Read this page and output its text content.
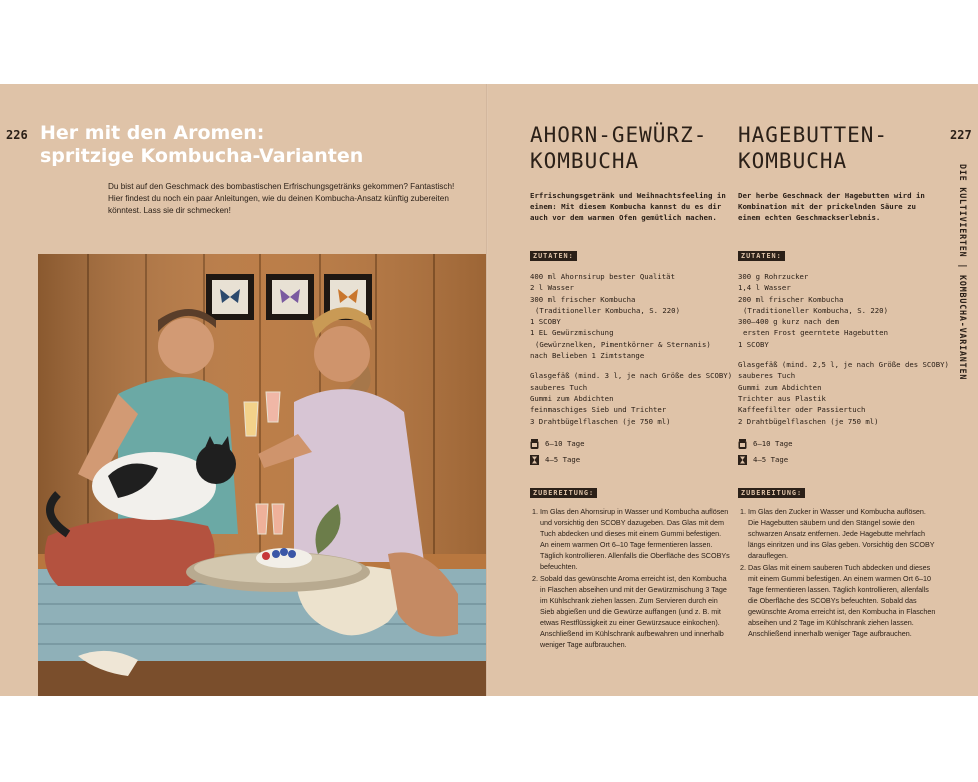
226 Her mit den Aromen:
spritzige Kombucha-Varianten
Du bist auf den Geschmack des bombastischen Erfrischungsgetränks gekommen? Fantastisch! Hier findest du noch ein paar Anleitungen, wie du deinen Kombucha-Ansatz künftig zubereiten könntest. Lass sie dir schmecken!
227
AHORN-GEWÜRZ-
KOMBUCHA
HAGEBUTTEN-
KOMBUCHA

Erfrischungsgetränk und Weihnachtsfeeling in einem: Mit diesem Kombucha kannst du es dir auch vor dem warmen Ofen gemütlich machen.

ZUTATEN:
400 ml Ahornsirup bester Qualität
2 l Wasser
300 ml frischer Kombucha
(Traditioneller Kombucha, S. 220)
1 SCOBY
1 EL Gewürzmischung
(Gewürznelken, Pimentkörner & Sternanis)
nach Belieben 1 Zimtstange
Glasgefäß (mind. 3 l, je nach Größe des SCOBY)
sauberes Tuch
Gummi zum Abdichten
feinmaschiges Sieb und Trichter
3 Drahtbügelflaschen (je 750 ml)
6–10 Tage
4–5 Tage
ZUBEREITUNG:
1. Im Glas den Ahornsirup in Wasser und Kombucha auflösen und vorsichtig den SCOBY dazugeben. Das Glas mit dem Tuch abdecken und dieses mit einem Gummi befestigen. An einem warmen Ort 6–10 Tage fermentieren lassen. Täglich kontrollieren. Allenfalls die Oberfläche des SCOBYs befeuchten.
2. Sobald das gewünschte Aroma erreicht ist, den Kombucha in Flaschen abseihen und mit der Gewürzmischung 3 Tage im Kühlschrank ziehen lassen. Zum Servieren durch ein Sieb abgießen und die Gewürze auffangen (und z. B. mit etwas Restflüssigkeit zu einer Gewürzsauce einkochen). Anschließend im Kühlschrank aufbewahren und innerhalb weniger Tage aufbrauchen.

Der herbe Geschmack der Hagebutten wird in Kombination mit der prickelnden Säure zu einem echten Geschmackserlebnis.

ZUTATEN:
300 g Rohrzucker
1,4 l Wasser
200 ml frischer Kombucha
(Traditioneller Kombucha, S. 220)
300–400 g kurz nach dem
ersten Frost geerntete Hagebutten
1 SCOBY
Glasgefäß (mind. 2,5 l, je nach Größe des SCOBY)
sauberes Tuch
Gummi zum Abdichten
Trichter aus Plastik
Kaffeefilter oder Passiertuch
2 Drahtbügelflaschen (je 750 ml)
6–10 Tage
4–5 Tage
ZUBEREITUNG:
1. Im Glas den Zucker in Wasser und Kombucha auflösen. Die Hagebutten säubern und den Stängel sowie den schwarzen Ansatz entfernen. Jede Hagebutte mehrfach längs einritzen und ins Glas geben. Vorsichtig den SCOBY darauflegen.
2. Das Glas mit einem sauberen Tuch abdecken und dieses mit einem Gummi befestigen. An einem warmen Ort 6–10 Tage fermentieren lassen. Täglich kontrollieren, allenfalls die Oberfläche des SCOBYs befeuchten. Sobald das gewünschte Aroma erreicht ist, den Kombucha in Flaschen abseihen und 2 Tage im Kühlschrank ziehen lassen. Anschließend innerhalb weniger Tage aufbrauchen.
DIE KULTIVIERTEN | KOMBUCHA-VARIANTEN
